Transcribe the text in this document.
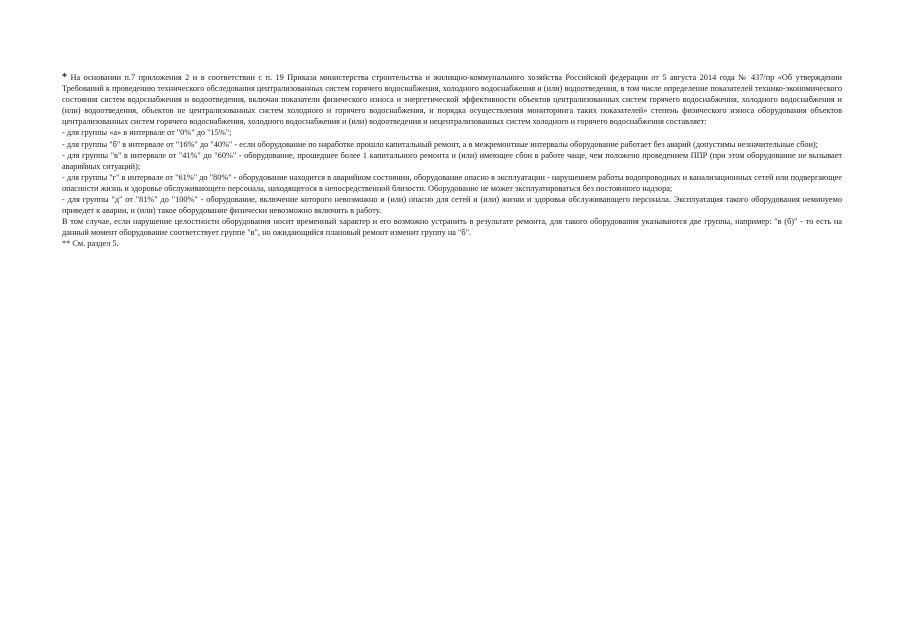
* На основании п.7 приложения 2 и в соответствии с п. 19 Приказа министерства строительства и жилищно-коммунального хозяйства Российской федерации от 5 августа 2014 года № 437/пр «Об утверждении Требований к проведению технического обследования централизованных систем горячего водоснабжения, холодного водоснабжения и (или) водоотведения, в том числе определение показателей технико-экономического состояния систем водоснабжения и водоотведения, включая показатели физического износа и энергетической эффективности объектов централизованных систем горячего водоснабжения, холодного водоснабжения и (или) водоотведения, объектов не централизованных систем холодного и горячего водоснабжения, и порядка осуществления мониторинга таких показателей» степень физического износа оборудования объектов централизованных систем горячего водоснабжения, холодного водоснабжения и (или) водоотведения и нецентрализованных систем холодного и горячего водоснабжения составляет:

- для группы «а» в интервале от "0%" до "15%";

- для группы "б" в интервале от "16%" до "40%" - если оборудование по наработке прошло капитальный ремонт, а в межремонтные интервалы оборудование работает без аварий (допустимы незначительные сбои);

- для группы "в" в интервале от "41%" до "60%" - оборудование, прошедшее более 1 капитального ремонта и (или) имеющее сбои в работе чаще, чем положено проведением ППР (при этом оборудование не вызывает аварийных ситуаций);

- для группы "г" в интервале от "61%" до "80%" - оборудование находится в аварийном состоянии, оборудование опасно в эксплуатации - нарушением работы водопроводных и канализационных сетей или подвергающее опасности жизнь и здоровье обслуживающего персонала, находящегося в непосредственной близости. Оборудование не может эксплуатироваться без постоянного надзора;

- для группы "д" от "81%" до "100%" - оборудование, включение которого невозможно и (или) опасно для сетей и (или) жизни и здоровья обслуживающего персонала. Эксплуатация такого оборудования неминуемо приведет к аварии, и (или) такое оборудование физически невозможно включить в работу.

В том случае, если нарушение целостности оборудования носит временный характер и его возможно устранить в результате ремонта, для такого оборудования указываются две группы, например: "в (б)" - то есть на данный момент оборудование соответствует группе "в", но ожидающийся плановый ремонт изменит группу на "б".

** См. раздел 5.
